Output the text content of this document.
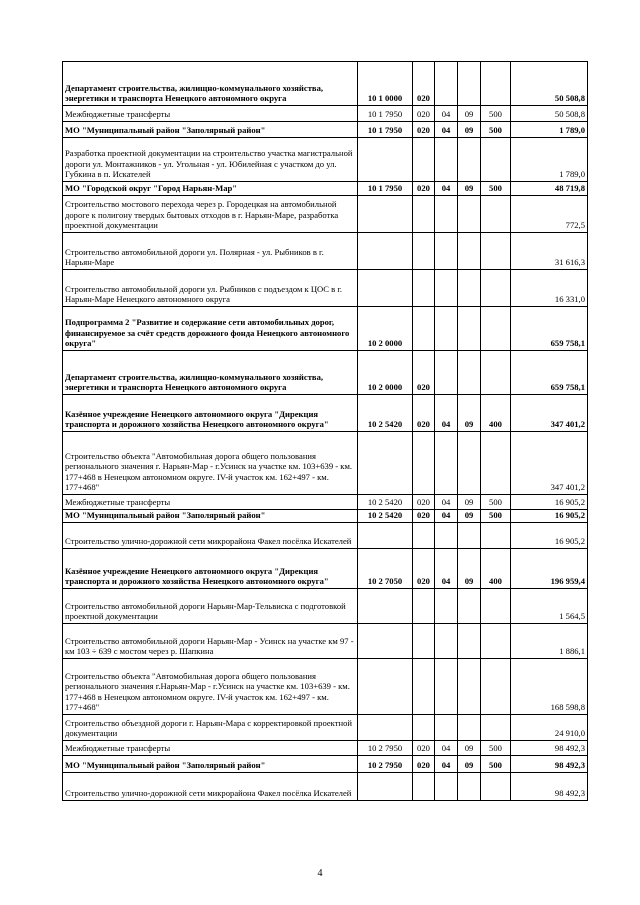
Департамент строительства, жилищно-коммунального хозяйства, энергетики и транспорта Ненецкого автономного округа	10 1 0000	020				50 508,8
Межбюджетные трансферты	10 1 7950	020	04	09	500	50 508,8
МО "Муниципальный район "Заполярный район"	10 1 7950	020	04	09	500	1 789,0
Разработка проектной документации на строительство участка магистральной дороги ул. Монтажников - ул. Угольная - ул. Юбилейная с участком до ул. Губкина в п. Искателей						1 789,0
МО "Городской округ "Город Нарьян-Мар"	10 1 7950	020	04	09	500	48 719,8
Строительство мостового перехода через р. Городецкая на автомобильной дороге к полигону твердых бытовых отходов в г. Нарьян-Маре, разработка проектной документации						772,5
Строительство автомобильной дороги ул. Полярная - ул. Рыбников в г. Нарьян-Маре						31 616,3
Строительство автомобильной дороги ул. Рыбников с подъездом к ЦОС в г. Нарьян-Маре Ненецкого автономного округа						16 331,0
Подпрограмма 2 "Развитие и содержание сети автомобильных дорог, финансируемое за счёт средств дорожного фонда Ненецкого автономного округа"	10 2 0000					659 758,1
Департамент строительства, жилищно-коммунального хозяйства, энергетики и транспорта Ненецкого автономного округа	10 2 0000	020				659 758,1
Казённое учреждение Ненецкого автономного округа "Дирекция транспорта и дорожного хозяйства Ненецкого автономного округа"	10 2 5420	020	04	09	400	347 401,2
Строительство объекта "Автомобильная дорога общего пользования регионального значения г. Нарьян-Мар - г.Усинск на участке км. 103+639 - км. 177+468 в Ненецком автономном округе. IV-й участок км. 162+497 - км. 177+468"						347 401,2
Межбюджетные трансферты	10 2 5420	020	04	09	500	16 905,2
МО "Муниципальный район "Заполярный район"	10 2 5420	020	04	09	500	16 905,2
Строительство улично-дорожной сети микрорайона Факел посёлка Искателей						16 905,2
Казённое учреждение Ненецкого автономного округа "Дирекция транспорта и дорожного хозяйства Ненецкого автономного округа"	10 2 7050	020	04	09	400	196 959,4
Строительство автомобильной дороги Нарьян-Мар-Тельвиска с подготовкой проектной документации						1 564,5
Строительство автомобильной дороги Нарьян-Мар - Усинск на участке км 97 - км 103 ÷ 639 с мостом через р. Шапкина						1 886,1
Строительство объекта "Автомобильная дорога общего пользования регионального значения г.Нарьян-Мар - г.Усинск на участке км. 103+639 - км. 177+468 в Ненецком автономном округе. IV-й участок км. 162+497 - км. 177+468"						168 598,8
Строительство объездной дороги г. Нарьян-Мара с корректировкой проектной документации						24 910,0
Межбюджетные трансферты	10 2 7950	020	04	09	500	98 492,3
МО "Муниципальный район "Заполярный район"	10 2 7950	020	04	09	500	98 492,3
Строительство улично-дорожной сети микрорайона Факел посёлка Искателей						98 492,3
4
